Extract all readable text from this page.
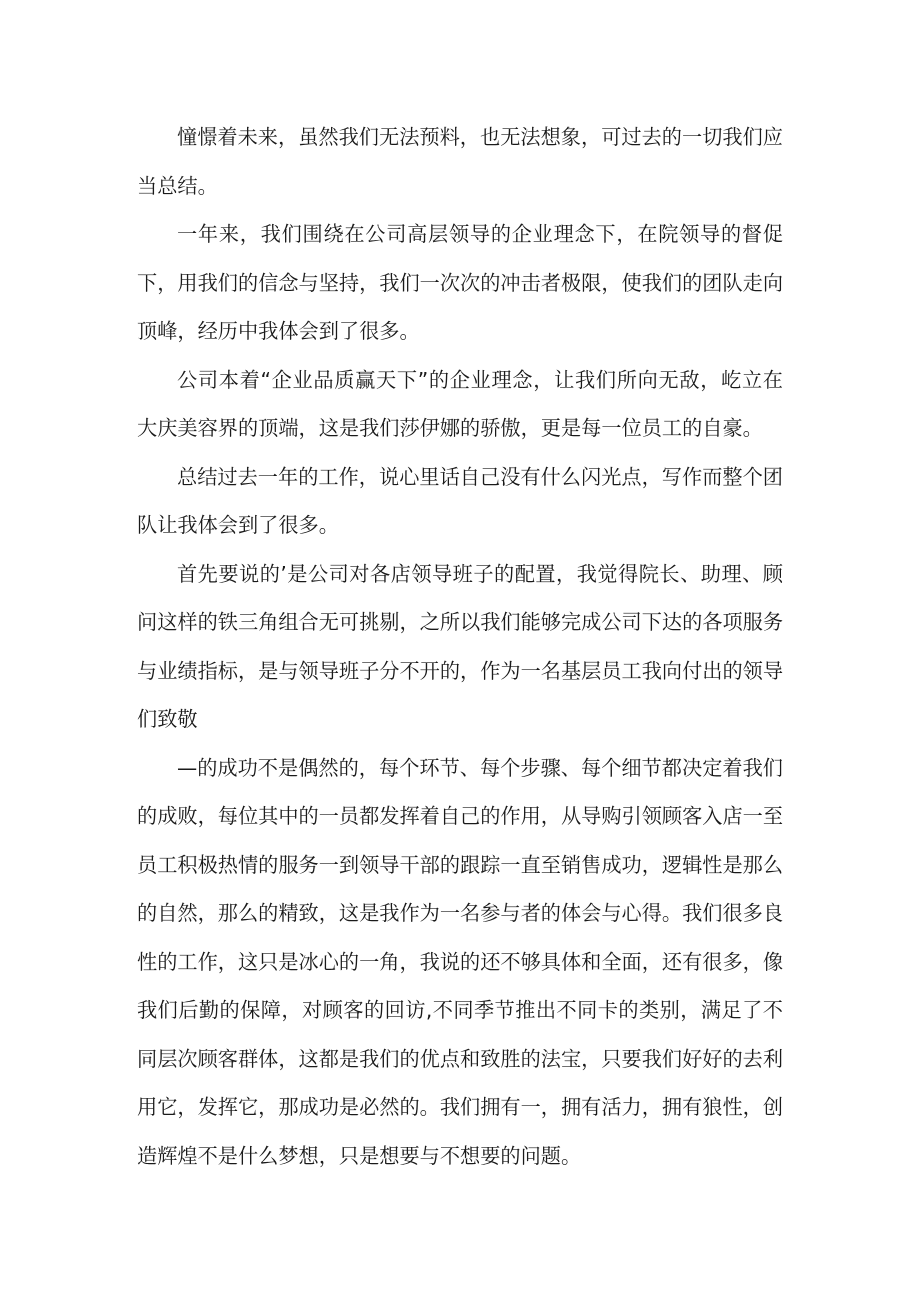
憧憬着未来，虽然我们无法预料，也无法想象，可过去的一切我们应当总结。

一年来，我们围绕在公司高层领导的企业理念下，在院领导的督促下，用我们的信念与坚持，我们一次次的冲击者极限，使我们的团队走向顶峰，经历中我体会到了很多。

公司本着“企业品质赢天下”的企业理念，让我们所向无敌，屹立在大庆美容界的顶端，这是我们莎伊娜的骄傲，更是每一位员工的自豪。

总结过去一年的工作，说心里话自己没有什么闪光点，写作而整个团队让我体会到了很多。

首先要说的’是公司对各店领导班子的配置，我觉得院长、助理、顾问这样的铁三角组合无可挑剔，之所以我们能够完成公司下达的各项服务与业绩指标，是与领导班子分不开的，作为一名基层员工我向付出的领导们致敬

—的成功不是偶然的，每个环节、每个步骤、每个细节都决定着我们的成败，每位其中的一员都发挥着自己的作用，从导购引领顾客入店一至员工积极热情的服务一到领导干部的跟踪一直至销售成功，逻辑性是那么的自然，那么的精致，这是我作为一名参与者的体会与心得。我们很多良性的工作，这只是冰心的一角，我说的还不够具体和全面，还有很多，像我们后勤的保障，对顾客的回访,不同季节推出不同卡的类别，满足了不同层次顾客群体，这都是我们的优点和致胜的法宝，只要我们好好的去利用它，发挥它，那成功是必然的。我们拥有一，拥有活力，拥有狼性，创造辉煌不是什么梦想，只是想要与不想要的问题。
